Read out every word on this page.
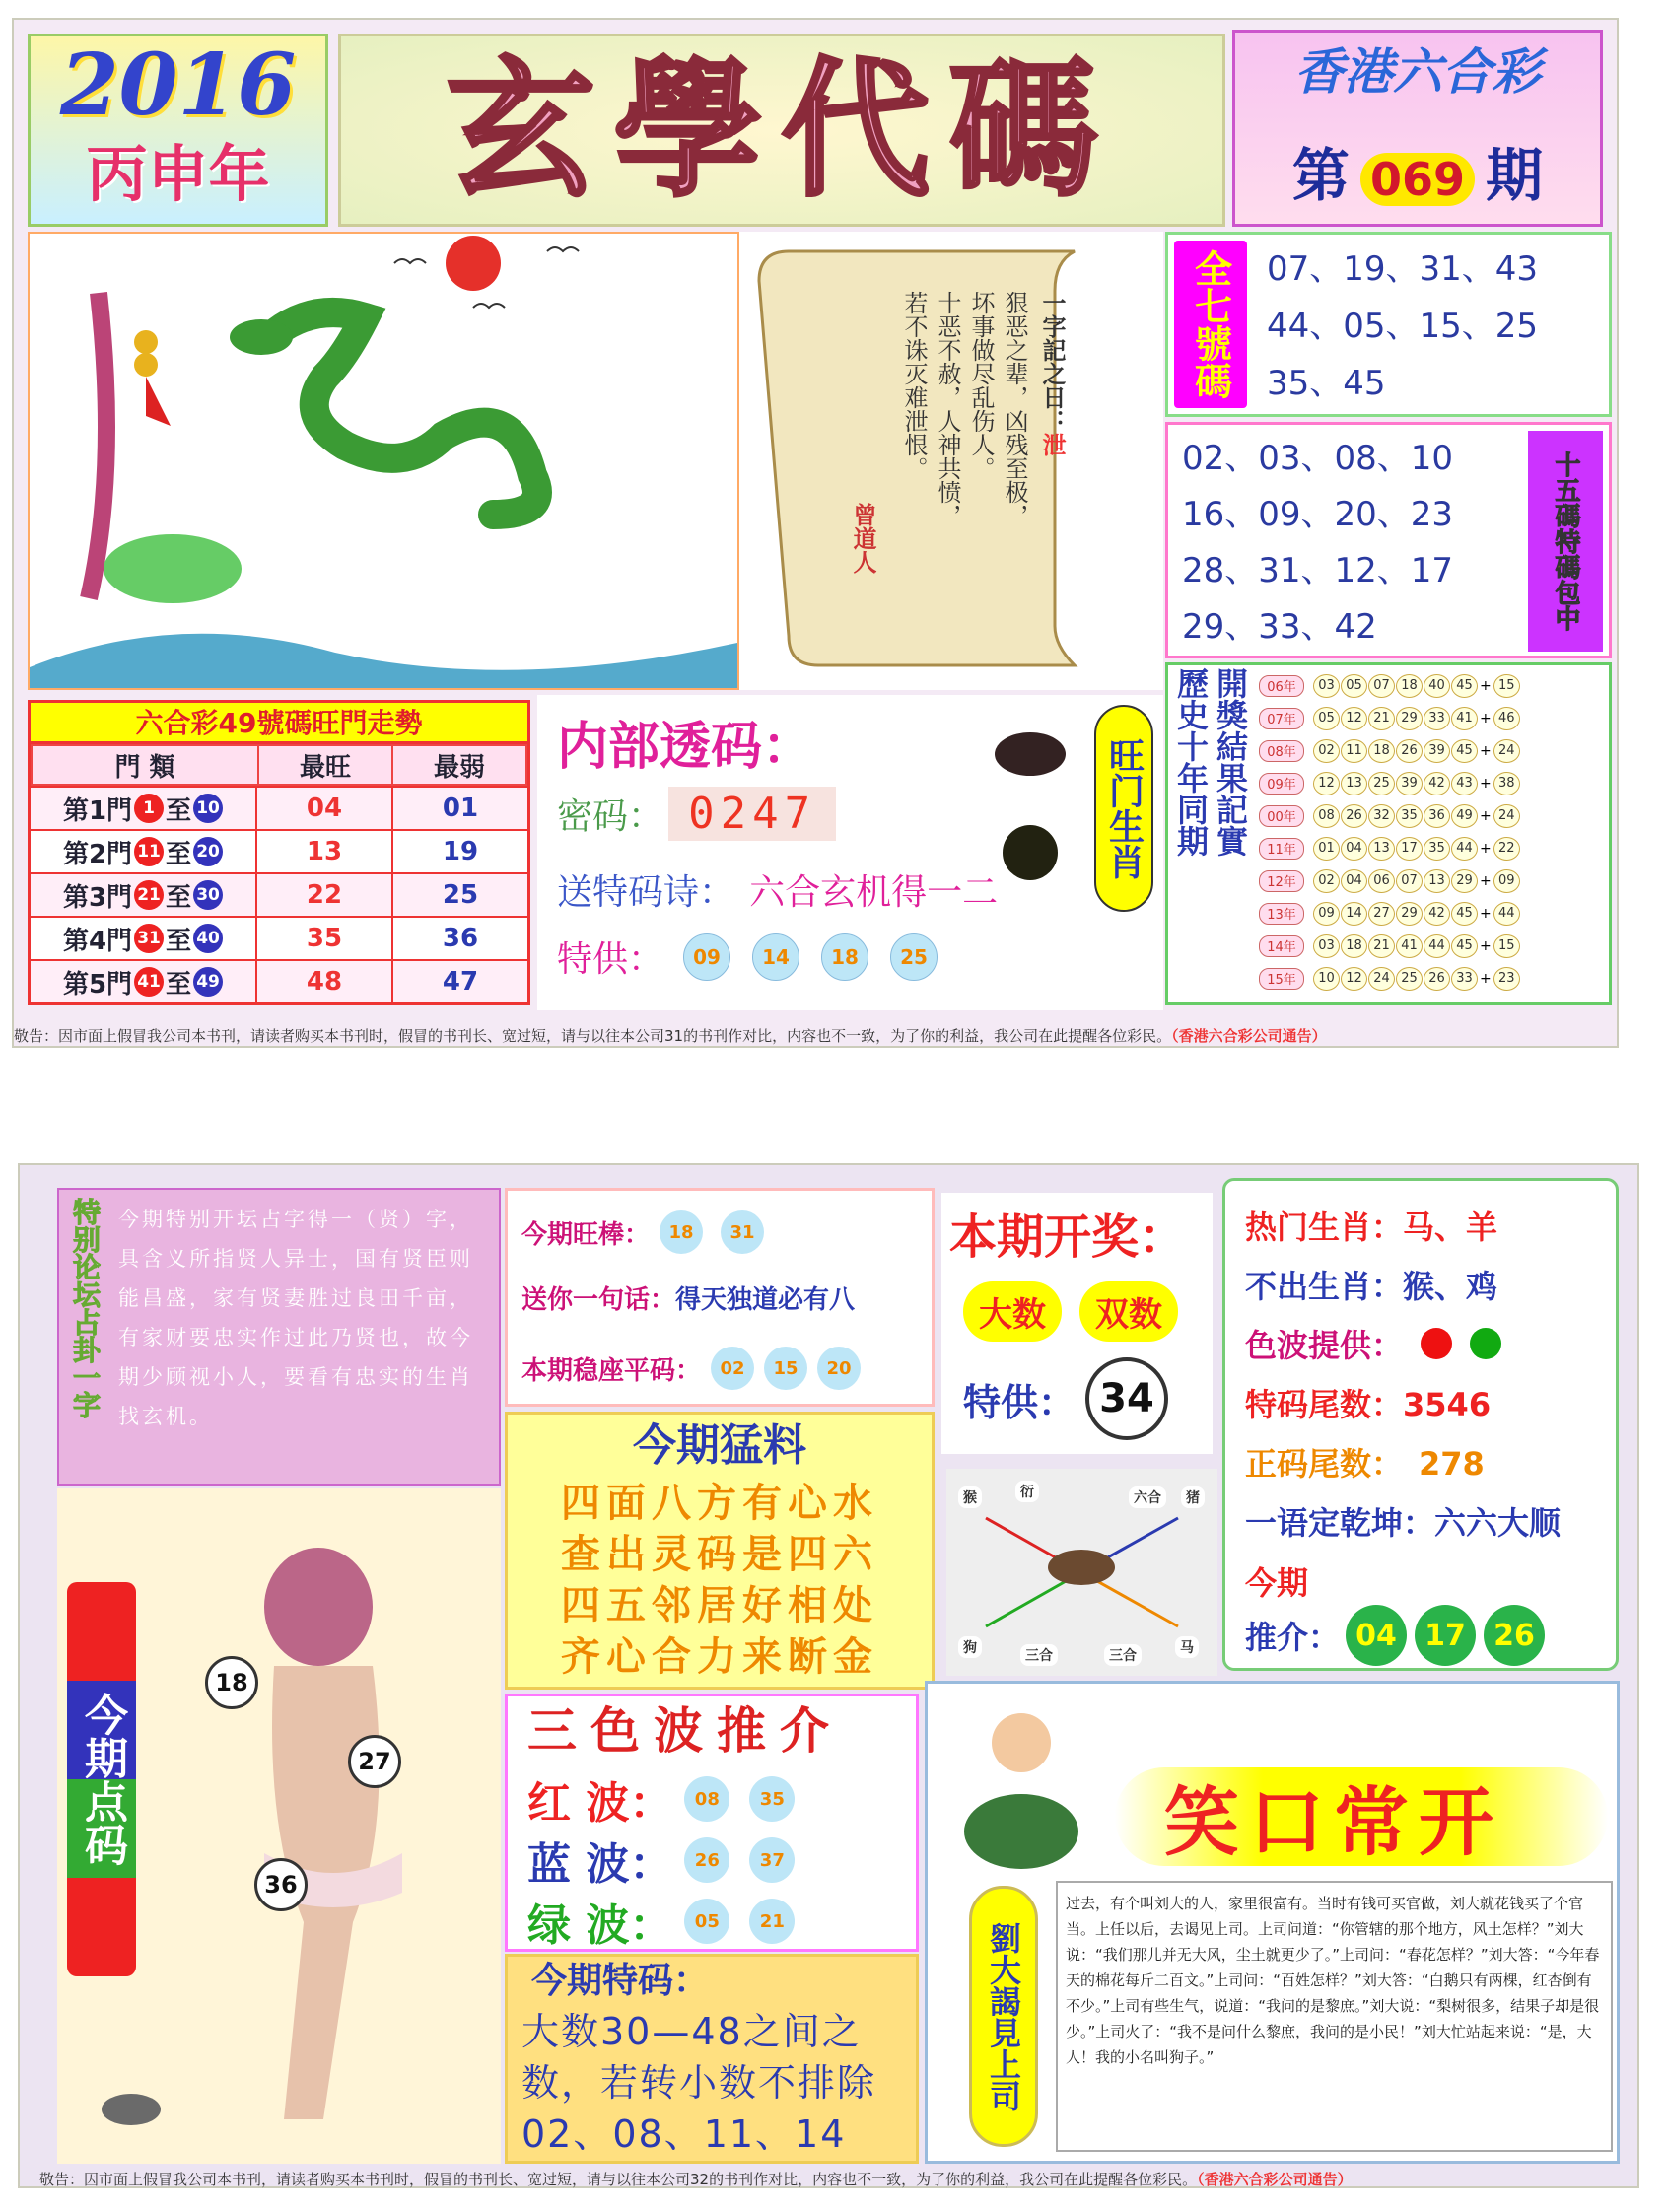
2016
丙申年	玄學代碼	香港六合彩
第 069 期
一字記之日：泄
狠恶之辈，凶残至极，
坏事做尽乱伤人。
十恶不赦，人神共愤，
若不诛灭难泄恨。
曾道人
全七號碼	07、19、31、43
44、05、15、25
35、45
02、03、08、10
16、09、20、23
28、31、12、17
29、33、42	十五碼特碼包中
六合彩49號碼旺門走勢
門 類	最旺	最弱
第1門 1 至 10	04	01
第2門 11 至 20	13	19
第3門 21 至 30	22	25
第4門 31 至 40	35	36
第5門 41 至 49	48	47
内部透码：
密码： 0247
送特码诗： 六合玄机得一二
特供：	09	14	18	25
旺门生肖 歷史十年同期 開獎結果記實	06年	03 05 07 18 40 45 + 15
07年	05 12 21 29 33 41 + 46
08年	02 11 18 26 39 45 + 24
09年	12 13 25 39 42 43 + 38
00年	08 26 32 35 36 49 + 24
11年	01 04 13 17 35 44 + 22
12年	02 04 06 07 13 29 + 09
13年	09 14 27 29 42 45 + 44
14年	03 18 21 41 44 45 + 15
15年	10 12 24 25 26 33 + 23
敬告：因市面上假冒我公司本书刊，请读者购买本书刊时，假冒的书刊长、宽过短，请与以往本公司31的书刊作对比，内容也不一致，为了你的利益，我公司在此提醒各位彩民。（香港六合彩公司通告）
特别论坛占卦一字 今期特别开坛占字得一（贤）字，具含义所指贤人异士，国有贤臣则能昌盛，家有贤妻胜过良田千亩，有家财要忠实作过此乃贤也，故今期少顾视小人，要看有忠实的生肖找玄机。
今期点码
18
27
36
今期旺棒：	18	31
送你一句话：得天独道必有八
本期稳座平码：	02	15	20
今期猛料
四面八方有心水
查出灵码是四六
四五邻居好相处
齐心合力来断金
三色波推介
红 波：	08	35
蓝 波：	26	37
绿 波：	05	21
今期特码：
大数30—48之间之数，若转小数不排除02、08、11、14
本期开奖：
大数	双数
特供： 34
猴	衍	六合	猪
狗	三合	三合	马
热门生肖：马、羊
不出生肖：猴、鸡
色波提供：
特码尾数：3546
正码尾数： 278
一语定乾坤：六六大顺
今期
推介： 04 17 26
笑口常开
劉大謁見上司
过去，有个叫刘大的人，家里很富有。当时有钱可买官做，刘大就花钱买了个官当。上任以后，去谒见上司。上司问道：“你管辖的那个地方，风土怎样？”刘大说：“我们那儿并无大风，尘土就更少了。”上司问：“春花怎样？”刘大答：“今年春天的棉花每斤二百文。”上司问：“百姓怎样？”刘大答：“白鹅只有两棵，红杏倒有不少。”上司有些生气，说道：“我问的是黎庶。”刘大说：“梨树很多，结果子却是很少。”上司火了：“我不是问什么黎庶，我问的是小民！”刘大忙站起来说：“是，大人！我的小名叫狗子。”
敬告：因市面上假冒我公司本书刊，请读者购买本书刊时，假冒的书刊长、宽过短，请与以往本公司32的书刊作对比，内容也不一致，为了你的利益，我公司在此提醒各位彩民。（香港六合彩公司通告）
